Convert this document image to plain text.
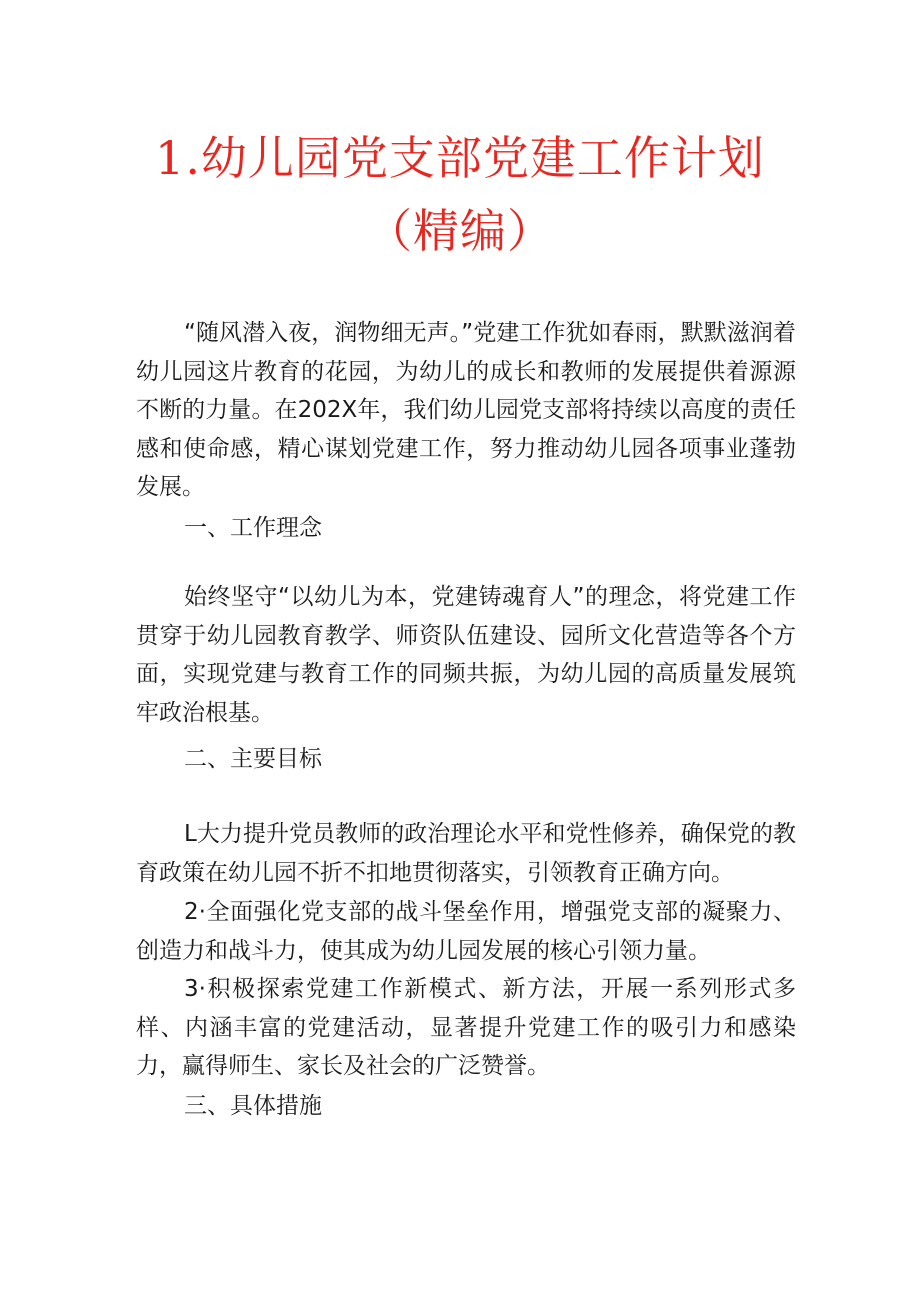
1.幼儿园党支部党建工作计划
（精编）

“随风潜入夜，润物细无声。”党建工作犹如春雨，默默滋润着幼儿园这片教育的花园，为幼儿的成长和教师的发展提供着源源不断的力量。在202X年，我们幼儿园党支部将持续以高度的责任感和使命感，精心谋划党建工作，努力推动幼儿园各项事业蓬勃发展。

一、工作理念

始终坚守“以幼儿为本，党建铸魂育人”的理念，将党建工作贯穿于幼儿园教育教学、师资队伍建设、园所文化营造等各个方面，实现党建与教育工作的同频共振，为幼儿园的高质量发展筑牢政治根基。

二、主要目标

L大力提升党员教师的政治理论水平和党性修养，确保党的教育政策在幼儿园不折不扣地贯彻落实，引领教育正确方向。

2·全面强化党支部的战斗堡垒作用，增强党支部的凝聚力、创造力和战斗力，使其成为幼儿园发展的核心引领力量。

3·积极探索党建工作新模式、新方法，开展一系列形式多样、内涵丰富的党建活动，显著提升党建工作的吸引力和感染力，赢得师生、家长及社会的广泛赞誉。

三、具体措施
